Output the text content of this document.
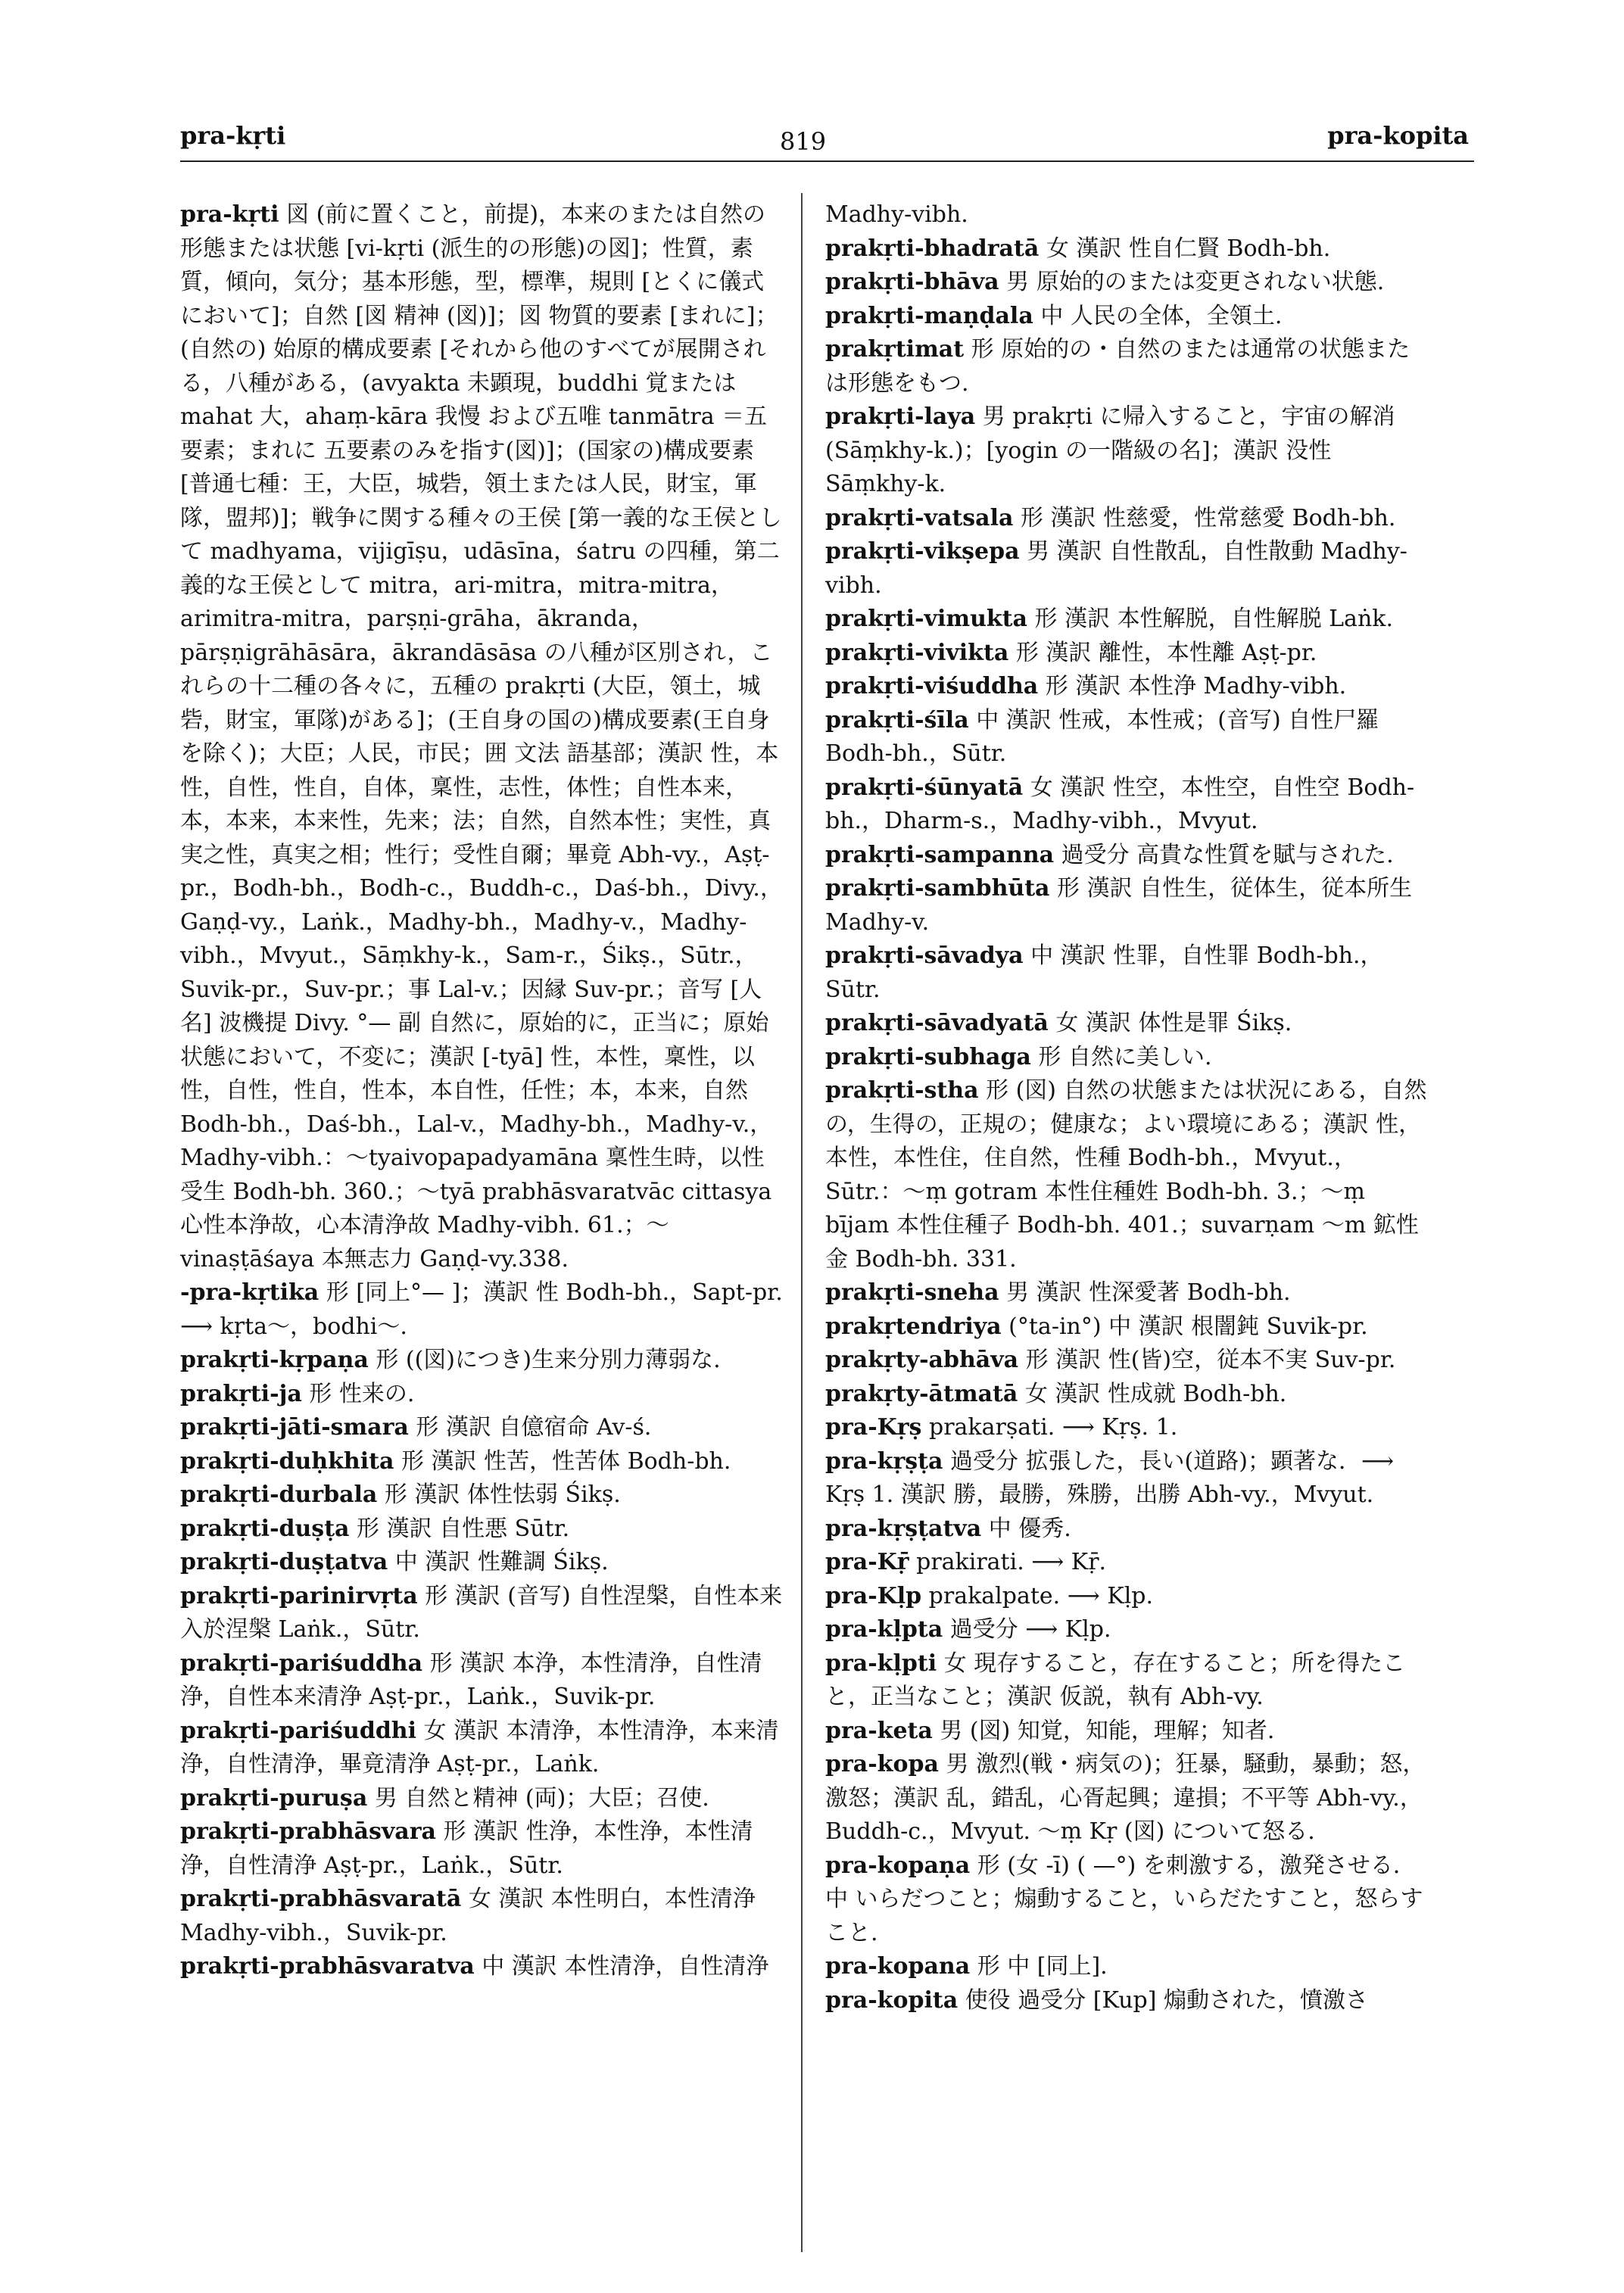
pra-kṛti	819	pra-kopita

pra-kṛti 図 (前に置くこと，前提)，本来のまたは自然の形態または状態 [vi-kṛti (派生的の形態)の図]；性質，素質，傾向，気分；基本形態，型，標準，規則 [とくに儀式において]；自然 [図 精神 (図)]；図 物質的要素 [まれに]；(自然の) 始原的構成要素 [それから他のすべてが展開される，八種がある，(avyakta 未顕現，buddhi 覚または mahat 大，ahaṃ-kāra 我慢 および五唯 tanmātra ＝五要素；まれに 五要素のみを指す(図)]；(国家の)構成要素 [普通七種：王，大臣，城砦，領土または人民，財宝，軍隊，盟邦)]；戦争に関する種々の王侯 [第一義的な王侯として madhyama，vijigīṣu，udāsīna，śatru の四種，第二義的な王侯として mitra，ari-mitra，mitra-mitra，arimitra-mitra，parṣṇi-grāha，ākranda，pārṣṇigrāhāsāra，ākrandāsāsa の八種が区別され，これらの十二種の各々に，五種の prakṛti (大臣，領土，城砦，財宝，軍隊)がある]；(王自身の国の)構成要素(王自身を除く)；大臣；人民，市民；囲 文法 語基部；漢訳 性，本性，自性，性自，自体，稟性，志性，体性；自性本来，本，本来，本来性，先来；法；自然，自然本性；実性，真実之性，真実之相；性行；受性自爾；畢竟 Abh-vy.，Aṣṭ-pr.，Bodh-bh.，Bodh-c.，Buddh-c.，Daś-bh.，Divy.，Gaṇḍ-vy.，Laṅk.，Madhy-bh.，Madhy-v.，Madhy-vibh.，Mvyut.，Sāṃkhy-k.，Sam-r.，Śikṣ.，Sūtr.，Suvik-pr.，Suv-pr.；事 Lal-v.；因縁 Suv-pr.；音写 [人名] 波機提 Divy. °— 副 自然に，原始的に，正当に；原始状態において，不変に；漢訳 [-tyā] 性，本性，稟性，以性，自性，性自，性本，本自性，任性；本，本来，自然 Bodh-bh.，Daś-bh.，Lal-v.，Madhy-bh.，Madhy-v.，Madhy-vibh.：～tyaivopapadyamāna 稟性生時，以性受生 Bodh-bh. 360.；～tyā prabhāsvaratvāc cittasya 心性本浄故，心本清浄故 Madhy-vibh. 61.；～vinaṣṭāśaya 本無志力 Gaṇḍ-vy.338.

-pra-kṛtika 形 [同上°— ]；漢訳 性 Bodh-bh.，Sapt-pr. ⟶ kṛta～，bodhi～.

prakṛti-kṛpaṇa 形 ((図)につき)生来分別力薄弱な.

prakṛti-ja 形 性来の.

prakṛti-jāti-smara 形 漢訳 自億宿命 Av-ś.

prakṛti-duḥkhita 形 漢訳 性苦，性苦体 Bodh-bh.

prakṛti-durbala 形 漢訳 体性怯弱 Śikṣ.

prakṛti-duṣṭa 形 漢訳 自性悪 Sūtr.

prakṛti-duṣṭatva 中 漢訳 性難調 Śikṣ.

prakṛti-parinirvṛta 形 漢訳 (音写) 自性涅槃，自性本来入於涅槃 Laṅk.，Sūtr.

prakṛti-pariśuddha 形 漢訳 本浄，本性清浄，自性清浄，自性本来清浄 Aṣṭ-pr.，Laṅk.，Suvik-pr.

prakṛti-pariśuddhi 女 漢訳 本清浄，本性清浄，本来清浄，自性清浄，畢竟清浄 Aṣṭ-pr.，Laṅk.

prakṛti-puruṣa 男 自然と精神 (両)；大臣；召使.

prakṛti-prabhāsvara 形 漢訳 性浄，本性浄，本性清浄，自性清浄 Aṣṭ-pr.，Laṅk.，Sūtr.

prakṛti-prabhāsvaratā 女 漢訳 本性明白，本性清浄 Madhy-vibh.，Suvik-pr.

prakṛti-prabhāsvaratva 中 漢訳 本性清浄，自性清浄

Madhy-vibh.

prakṛti-bhadratā 女 漢訳 性自仁賢 Bodh-bh.

prakṛti-bhāva 男 原始的のまたは変更されない状態.

prakṛti-maṇḍala 中 人民の全体，全領土.

prakṛtimat 形 原始的の・自然のまたは通常の状態または形態をもつ.

prakṛti-laya 男 prakṛti に帰入すること，宇宙の解消 (Sāṃkhy-k.)；[yogin の一階級の名]；漢訳 没性 Sāṃkhy-k.

prakṛti-vatsala 形 漢訳 性慈愛，性常慈愛 Bodh-bh.

prakṛti-vikṣepa 男 漢訳 自性散乱，自性散動 Madhy-vibh.

prakṛti-vimukta 形 漢訳 本性解脱，自性解脱 Laṅk.

prakṛti-vivikta 形 漢訳 離性，本性離 Aṣṭ-pr.

prakṛti-viśuddha 形 漢訳 本性浄 Madhy-vibh.

prakṛti-śīla 中 漢訳 性戒，本性戒；(音写) 自性尸羅 Bodh-bh.，Sūtr.

prakṛti-śūnyatā 女 漢訳 性空，本性空，自性空 Bodh-bh.，Dharm-s.，Madhy-vibh.，Mvyut.

prakṛti-sampanna 過受分 高貴な性質を賦与された.

prakṛti-sambhūta 形 漢訳 自性生，従体生，従本所生 Madhy-v.

prakṛti-sāvadya 中 漢訳 性罪，自性罪 Bodh-bh.，Sūtr.

prakṛti-sāvadyatā 女 漢訳 体性是罪 Śikṣ.

prakṛti-subhaga 形 自然に美しい.

prakṛti-stha 形 (図) 自然の状態または状況にある，自然の，生得の，正規の；健康な；よい環境にある；漢訳 性，本性，本性住，住自然，性種 Bodh-bh.，Mvyut.，Sūtr.：～ṃ gotram 本性住種姓 Bodh-bh. 3.；～ṃ bījam 本性住種子 Bodh-bh. 401.；suvarṇam ～m 鉱性金 Bodh-bh. 331.

prakṛti-sneha 男 漢訳 性深愛著 Bodh-bh.

prakṛtendriya (°ta-in°) 中 漢訳 根闇鈍 Suvik-pr.

prakṛty-abhāva 形 漢訳 性(皆)空，従本不実 Suv-pr.

prakṛty-ātmatā 女 漢訳 性成就 Bodh-bh.

pra-Kṛṣ prakarṣati. ⟶ Kṛṣ. 1.

pra-kṛṣṭa 過受分 拡張した，長い(道路)；顕著な．⟶ Kṛṣ 1. 漢訳 勝，最勝，殊勝，出勝 Abh-vy.，Mvyut.

pra-kṛṣṭatva 中 優秀.

pra-Kṝ prakirati. ⟶ Kṝ.

pra-Kḷp prakalpate. ⟶ Kḷp.

pra-kḷpta 過受分 ⟶ Kḷp.

pra-kḷpti 女 現存すること，存在すること；所を得たこと，正当なこと；漢訳 仮説，執有 Abh-vy.

pra-keta 男 (図) 知覚，知能，理解；知者.

pra-kopa 男 激烈(戦・病気の)；狂暴，騒動，暴動；怒，激怒；漢訳 乱，錯乱，心胥起興；違損；不平等 Abh-vy.，Buddh-c.，Mvyut. ～ṃ Kṛ (図) について怒る.

pra-kopaṇa 形 (女 -ī) ( —°) を刺激する，激発させる．中 いらだつこと；煽動すること，いらだたすこと，怒らすこと.

pra-kopana 形 中 [同上].

pra-kopita 使役 過受分 [Kup] 煽動された，憤激さ
